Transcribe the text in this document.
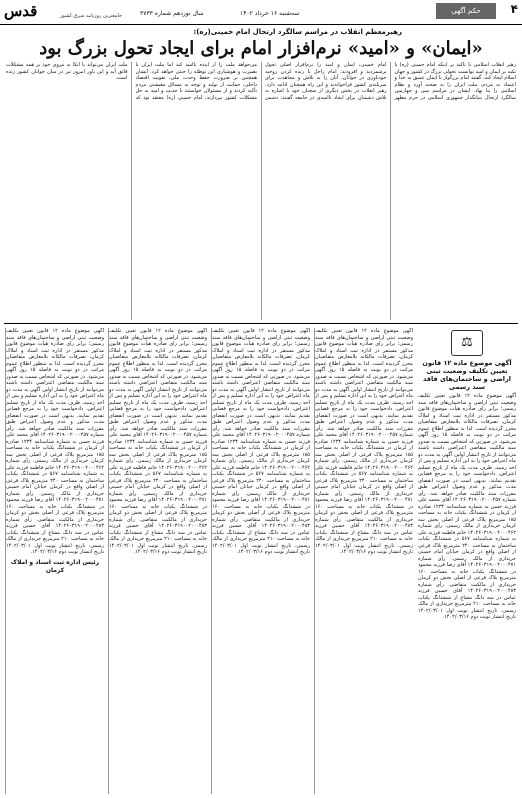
قدس	جامعترین روزنامه شرق کشور	سال نوزدهم شماره ۳۷۳۳	سه‌شنبه ۱۶ خرداد ۱۴۰۲	حکم آگهی	۴
رهبرمعظم انقلاب در مراسم سالگرد ارتحال امام خمینی(ره):
«ایمان» و «امید» نرم‌افزار امام برای ایجاد تحول بزرگ بود
رهبر انقلاب اسلامی با تأکید بر اینکه امام خمینی (ره) با تکیه بر ایمان و امید توانست تحولی بزرگ در کشور و جهان اسلام ایجاد کند، گفتند امام بزرگوار با ایمان عمیق به خدا و اعتماد به مردم، ملت ایران را به صحنه آورد و نظام اسلامی را بنا نهاد. ایشان در مراسم سی و چهارمین سالگرد ارتحال بنیانگذار جمهوری اسلامی در حرم مطهر امام خمینی، ایمان و امید را نرم‌افزار اصلی تحول برشمردند و افزودند: امام راحل با زنده کردن روحیه خودباوری در جوانان، آنان را به تلاش و مجاهدت برای سربلندی کشور فراخواندند و این راه همچنان ادامه دارد. رهبر انقلاب در بخش دیگری از سخنان خود با اشاره به تلاش دشمنان برای ایجاد ناامیدی در جامعه گفتند: دشمن می‌خواهد ملت را از آینده ناامید کند اما ملت ایران با بصیرت و هوشیاری این توطئه را خنثی خواهد کرد. ایشان همچنین بر ضرورت حفظ وحدت ملی، تقویت اقتصاد داخلی، حمایت از تولید و توجه به مسائل معیشتی مردم تأکید کردند و از مسئولان خواستند با جدیت و امید به حل مشکلات کشور بپردازند. امام خمینی (ره) معتقد بود که ملت ایران می‌تواند با اتکا به نیروی خود بر همه مشکلات فائق آید و این باور امروز نیز در میان جوانان کشور زنده است.
⚖
آگهی موضوع ماده ۱۲ قانون تعیین تکلیف وضعیت ثبتی اراضی و ساختمان‌های فاقد سند رسمی
آگهی موضوع ماده ۱۲ قانون تعیین تکلیف وضعیت ثبتی اراضی و ساختمان‌های فاقد سند رسمی؛ برابر رای صادره هیأت موضوع قانون مذکور مستقر در اداره ثبت اسناد و املاک کرمان، تصرفات مالکانه بلامعارض متقاضیان محرز گردیده است. لذا به منظور اطلاع عموم مراتب در دو نوبت به فاصله ۱۵ روز آگهی می‌شود. در صورتی که اشخاص نسبت به صدور سند مالکیت متقاضی اعتراضی داشته باشند می‌توانند از تاریخ انتشار اولین آگهی به مدت دو ماه اعتراض خود را به این اداره تسلیم و پس از اخذ رسید، ظرف مدت یک ماه از تاریخ تسلیم اعتراض، دادخواست خود را به مرجع قضایی تقدیم نمایند. بدیهی است در صورت انقضای مدت مذکور و عدم وصول اعتراض طبق مقررات سند مالکیت صادر خواهد شد. رأی شماره ۱۴۰۲۶۰۳۱۹۰۰۲۰۰۰۴۵۷ آقای محمد علی فرزند حسن به شماره شناسنامه ۱۲۳۴ صادره از کرمان در ششدانگ یکباب خانه به مساحت ۱۸۵ مترمربع پلاک فرعی از اصلی بخش سه کرمان خریداری از مالک رسمی. رأی شماره ۱۴۰۲۶۰۳۱۹۰۰۲۰۰۰۴۶۲ خانم فاطمه فرزند علی به شماره شناسنامه ۵۶۷ در ششدانگ یکباب ساختمان به مساحت ۲۴۰ مترمربع پلاک فرعی از اصلی واقع در کرمان خیابان امام خمینی خریداری از مالک رسمی. رأی شماره ۱۴۰۲۶۰۳۱۹۰۰۲۰۰۰۴۷۱ آقای رضا فرزند محمود در ششدانگ یکباب خانه به مساحت ۱۶۰ مترمربع پلاک فرعی از اصلی بخش دو کرمان خریداری از مالکیت متقاضی. رأی شماره ۱۴۰۲۶۰۳۱۹۰۰۲۰۰۰۴۸۳ آقای حسین فرزند عباس در سه دانگ مشاع از ششدانگ یکباب خانه به مساحت ۲۱۰ مترمربع خریداری از مالک رسمی. تاریخ انتشار نوبت اول ۱۴۰۲/۰۳/۰۱ تاریخ انتشار نوبت دوم ۱۴۰۲/۰۳/۱۶.
آگهی موضوع ماده ۱۲ قانون تعیین تکلیف وضعیت ثبتی اراضی و ساختمان‌های فاقد سند رسمی؛ برابر رای صادره هیأت موضوع قانون مذکور مستقر در اداره ثبت اسناد و املاک کرمان، تصرفات مالکانه بلامعارض متقاضیان محرز گردیده است. لذا به منظور اطلاع عموم مراتب در دو نوبت به فاصله ۱۵ روز آگهی می‌شود. در صورتی که اشخاص نسبت به صدور سند مالکیت متقاضی اعتراضی داشته باشند می‌توانند از تاریخ انتشار اولین آگهی به مدت دو ماه اعتراض خود را به این اداره تسلیم و پس از اخذ رسید، ظرف مدت یک ماه از تاریخ تسلیم اعتراض، دادخواست خود را به مرجع قضایی تقدیم نمایند. بدیهی است در صورت انقضای مدت مذکور و عدم وصول اعتراض طبق مقررات سند مالکیت صادر خواهد شد. رأی شماره ۱۴۰۲۶۰۳۱۹۰۰۲۰۰۰۴۵۷ آقای محمد علی فرزند حسن به شماره شناسنامه ۱۲۳۴ صادره از کرمان در ششدانگ یکباب خانه به مساحت ۱۸۵ مترمربع پلاک فرعی از اصلی بخش سه کرمان خریداری از مالک رسمی. رأی شماره ۱۴۰۲۶۰۳۱۹۰۰۲۰۰۰۴۶۲ خانم فاطمه فرزند علی به شماره شناسنامه ۵۶۷ در ششدانگ یکباب ساختمان به مساحت ۲۴۰ مترمربع پلاک فرعی از اصلی واقع در کرمان خیابان امام خمینی خریداری از مالک رسمی. رأی شماره ۱۴۰۲۶۰۳۱۹۰۰۲۰۰۰۴۷۱ آقای رضا فرزند محمود در ششدانگ یکباب خانه به مساحت ۱۶۰ مترمربع پلاک فرعی از اصلی بخش دو کرمان خریداری از مالکیت متقاضی. رأی شماره ۱۴۰۲۶۰۳۱۹۰۰۲۰۰۰۴۸۳ آقای حسین فرزند عباس در سه دانگ مشاع از ششدانگ یکباب خانه به مساحت ۲۱۰ مترمربع خریداری از مالک رسمی. تاریخ انتشار نوبت اول ۱۴۰۲/۰۳/۰۱ تاریخ انتشار نوبت دوم ۱۴۰۲/۰۳/۱۶.
آگهی موضوع ماده ۱۲ قانون تعیین تکلیف وضعیت ثبتی اراضی و ساختمان‌های فاقد سند رسمی؛ برابر رای صادره هیأت موضوع قانون مذکور مستقر در اداره ثبت اسناد و املاک کرمان، تصرفات مالکانه بلامعارض متقاضیان محرز گردیده است. لذا به منظور اطلاع عموم مراتب در دو نوبت به فاصله ۱۵ روز آگهی می‌شود. در صورتی که اشخاص نسبت به صدور سند مالکیت متقاضی اعتراضی داشته باشند می‌توانند از تاریخ انتشار اولین آگهی به مدت دو ماه اعتراض خود را به این اداره تسلیم و پس از اخذ رسید، ظرف مدت یک ماه از تاریخ تسلیم اعتراض، دادخواست خود را به مرجع قضایی تقدیم نمایند. بدیهی است در صورت انقضای مدت مذکور و عدم وصول اعتراض طبق مقررات سند مالکیت صادر خواهد شد. رأی شماره ۱۴۰۲۶۰۳۱۹۰۰۲۰۰۰۴۵۷ آقای محمد علی فرزند حسن به شماره شناسنامه ۱۲۳۴ صادره از کرمان در ششدانگ یکباب خانه به مساحت ۱۸۵ مترمربع پلاک فرعی از اصلی بخش سه کرمان خریداری از مالک رسمی. رأی شماره ۱۴۰۲۶۰۳۱۹۰۰۲۰۰۰۴۶۲ خانم فاطمه فرزند علی به شماره شناسنامه ۵۶۷ در ششدانگ یکباب ساختمان به مساحت ۲۴۰ مترمربع پلاک فرعی از اصلی واقع در کرمان خیابان امام خمینی خریداری از مالک رسمی. رأی شماره ۱۴۰۲۶۰۳۱۹۰۰۲۰۰۰۴۷۱ آقای رضا فرزند محمود در ششدانگ یکباب خانه به مساحت ۱۶۰ مترمربع پلاک فرعی از اصلی بخش دو کرمان خریداری از مالکیت متقاضی. رأی شماره ۱۴۰۲۶۰۳۱۹۰۰۲۰۰۰۴۸۳ آقای حسین فرزند عباس در سه دانگ مشاع از ششدانگ یکباب خانه به مساحت ۲۱۰ مترمربع خریداری از مالک رسمی. تاریخ انتشار نوبت اول ۱۴۰۲/۰۳/۰۱ تاریخ انتشار نوبت دوم ۱۴۰۲/۰۳/۱۶.
آگهی موضوع ماده ۱۲ قانون تعیین تکلیف وضعیت ثبتی اراضی و ساختمان‌های فاقد سند رسمی؛ برابر رای صادره هیأت موضوع قانون مذکور مستقر در اداره ثبت اسناد و املاک کرمان، تصرفات مالکانه بلامعارض متقاضیان محرز گردیده است. لذا به منظور اطلاع عموم مراتب در دو نوبت به فاصله ۱۵ روز آگهی می‌شود. در صورتی که اشخاص نسبت به صدور سند مالکیت متقاضی اعتراضی داشته باشند می‌توانند از تاریخ انتشار اولین آگهی به مدت دو ماه اعتراض خود را به این اداره تسلیم و پس از اخذ رسید، ظرف مدت یک ماه از تاریخ تسلیم اعتراض، دادخواست خود را به مرجع قضایی تقدیم نمایند. بدیهی است در صورت انقضای مدت مذکور و عدم وصول اعتراض طبق مقررات سند مالکیت صادر خواهد شد. رأی شماره ۱۴۰۲۶۰۳۱۹۰۰۲۰۰۰۴۵۷ آقای محمد علی فرزند حسن به شماره شناسنامه ۱۲۳۴ صادره از کرمان در ششدانگ یکباب خانه به مساحت ۱۸۵ مترمربع پلاک فرعی از اصلی بخش سه کرمان خریداری از مالک رسمی. رأی شماره ۱۴۰۲۶۰۳۱۹۰۰۲۰۰۰۴۶۲ خانم فاطمه فرزند علی به شماره شناسنامه ۵۶۷ در ششدانگ یکباب ساختمان به مساحت ۲۴۰ مترمربع پلاک فرعی از اصلی واقع در کرمان خیابان امام خمینی خریداری از مالک رسمی. رأی شماره ۱۴۰۲۶۰۳۱۹۰۰۲۰۰۰۴۷۱ آقای رضا فرزند محمود در ششدانگ یکباب خانه به مساحت ۱۶۰ مترمربع پلاک فرعی از اصلی بخش دو کرمان خریداری از مالکیت متقاضی. رأی شماره ۱۴۰۲۶۰۳۱۹۰۰۲۰۰۰۴۸۳ آقای حسین فرزند عباس در سه دانگ مشاع از ششدانگ یکباب خانه به مساحت ۲۱۰ مترمربع خریداری از مالک رسمی. تاریخ انتشار نوبت اول ۱۴۰۲/۰۳/۰۱ تاریخ انتشار نوبت دوم ۱۴۰۲/۰۳/۱۶.
آگهی موضوع ماده ۱۲ قانون تعیین تکلیف وضعیت ثبتی اراضی و ساختمان‌های فاقد سند رسمی؛ برابر رای صادره هیأت موضوع قانون مذکور مستقر در اداره ثبت اسناد و املاک کرمان، تصرفات مالکانه بلامعارض متقاضیان محرز گردیده است. لذا به منظور اطلاع عموم مراتب در دو نوبت به فاصله ۱۵ روز آگهی می‌شود. در صورتی که اشخاص نسبت به صدور سند مالکیت متقاضی اعتراضی داشته باشند می‌توانند از تاریخ انتشار اولین آگهی به مدت دو ماه اعتراض خود را به این اداره تسلیم و پس از اخذ رسید، ظرف مدت یک ماه از تاریخ تسلیم اعتراض، دادخواست خود را به مرجع قضایی تقدیم نمایند. بدیهی است در صورت انقضای مدت مذکور و عدم وصول اعتراض طبق مقررات سند مالکیت صادر خواهد شد. رأی شماره ۱۴۰۲۶۰۳۱۹۰۰۲۰۰۰۴۵۷ آقای محمد علی فرزند حسن به شماره شناسنامه ۱۲۳۴ صادره از کرمان در ششدانگ یکباب خانه به مساحت ۱۸۵ مترمربع پلاک فرعی از اصلی بخش سه کرمان خریداری از مالک رسمی. رأی شماره ۱۴۰۲۶۰۳۱۹۰۰۲۰۰۰۴۶۲ خانم فاطمه فرزند علی به شماره شناسنامه ۵۶۷ در ششدانگ یکباب ساختمان به مساحت ۲۴۰ مترمربع پلاک فرعی از اصلی واقع در کرمان خیابان امام خمینی خریداری از مالک رسمی. رأی شماره ۱۴۰۲۶۰۳۱۹۰۰۲۰۰۰۴۷۱ آقای رضا فرزند محمود در ششدانگ یکباب خانه به مساحت ۱۶۰ مترمربع پلاک فرعی از اصلی بخش دو کرمان خریداری از مالکیت متقاضی. رأی شماره ۱۴۰۲۶۰۳۱۹۰۰۲۰۰۰۴۸۳ آقای حسین فرزند عباس در سه دانگ مشاع از ششدانگ یکباب خانه به مساحت ۲۱۰ مترمربع خریداری از مالک رسمی. تاریخ انتشار نوبت اول ۱۴۰۲/۰۳/۰۱ تاریخ انتشار نوبت دوم ۱۴۰۲/۰۳/۱۶.
رئیس اداره ثبت اسناد و املاک کرمان
